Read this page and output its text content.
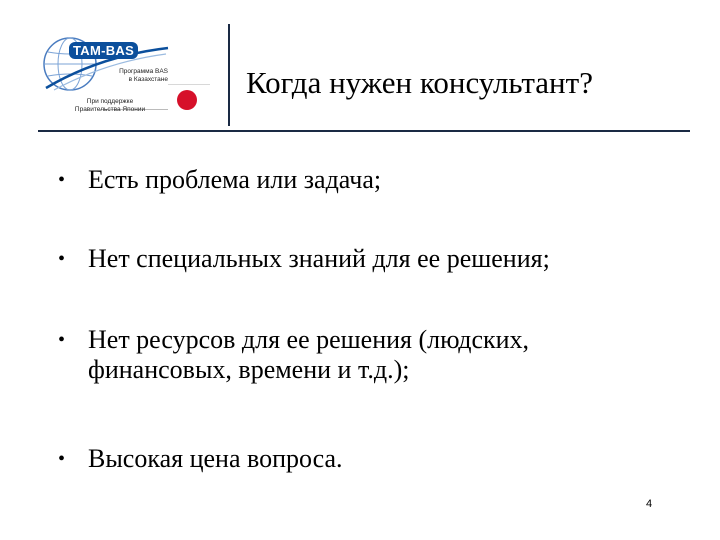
TAM-BAS
Программа BAS
в Казахстане
При поддержке
Правительства Японии
Когда нужен консультант?
• Есть проблема или задача;
• Нет специальных знаний для ее решения;
• Нет ресурсов для ее решения (людских, финансовых, времени и т.д.);
• Высокая цена вопроса.
4
